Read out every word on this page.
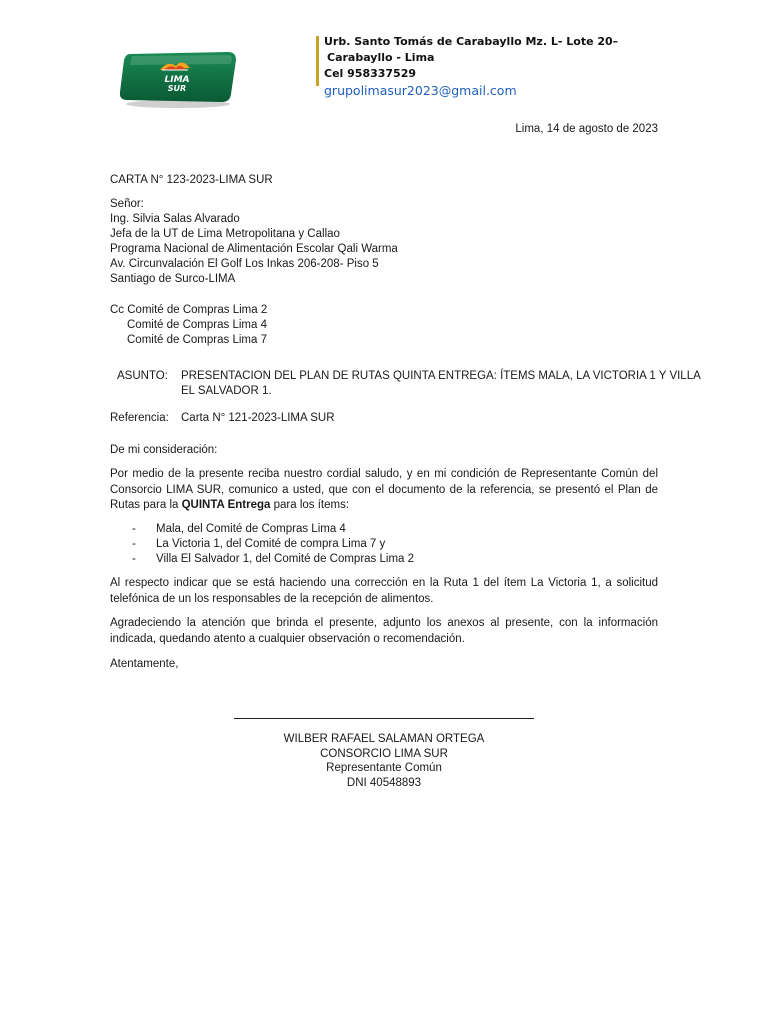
LIMA
SUR
Urb. Santo Tomás de Carabayllo Mz. L- Lote 20–
Carabayllo - Lima
Cel 958337529
grupolimasur2023@gmail.com
Lima, 14 de agosto de 2023
CARTA N° 123-2023-LIMA SUR
Señor:
Ing. Silvia Salas Alvarado
Jefa de la UT de Lima Metropolitana y Callao
Programa Nacional de Alimentación Escolar Qali Warma
Av. Circunvalación El Golf Los Inkas 206-208- Piso 5
Santiago de Surco-LIMA
Cc Comité de Compras Lima 2
Comité de Compras Lima 4
Comité de Compras Lima 7
ASUNTO: PRESENTACION DEL PLAN DE RUTAS QUINTA ENTREGA: ÍTEMS MALA, LA VICTORIA 1 Y VILLA
EL SALVADOR 1.
Referencia: Carta N° 121-2023-LIMA SUR
De mi consideración:
Por medio de la presente reciba nuestro cordial saludo, y en mi condición de Representante Común del Consorcio LIMA SUR, comunico a usted, que con el documento de la referencia, se presentó el Plan de Rutas para la QUINTA Entrega para los ítems:
-	Mala, del Comité de Compras Lima 4
-	La Victoria 1, del Comité de compra Lima 7 y
-	Villa El Salvador 1, del Comité de Compras Lima 2
Al respecto indicar que se está haciendo una corrección en la Ruta 1 del ítem La Victoria 1, a solicitud telefónica de un los responsables de la recepción de alimentos.
Agradeciendo la atención que brinda el presente, adjunto los anexos al presente, con la información indicada, quedando atento a cualquier observación o recomendación.
Atentamente,
WILBER RAFAEL SALAMAN ORTEGA
CONSORCIO LIMA SUR
Representante Común
DNI 40548893
